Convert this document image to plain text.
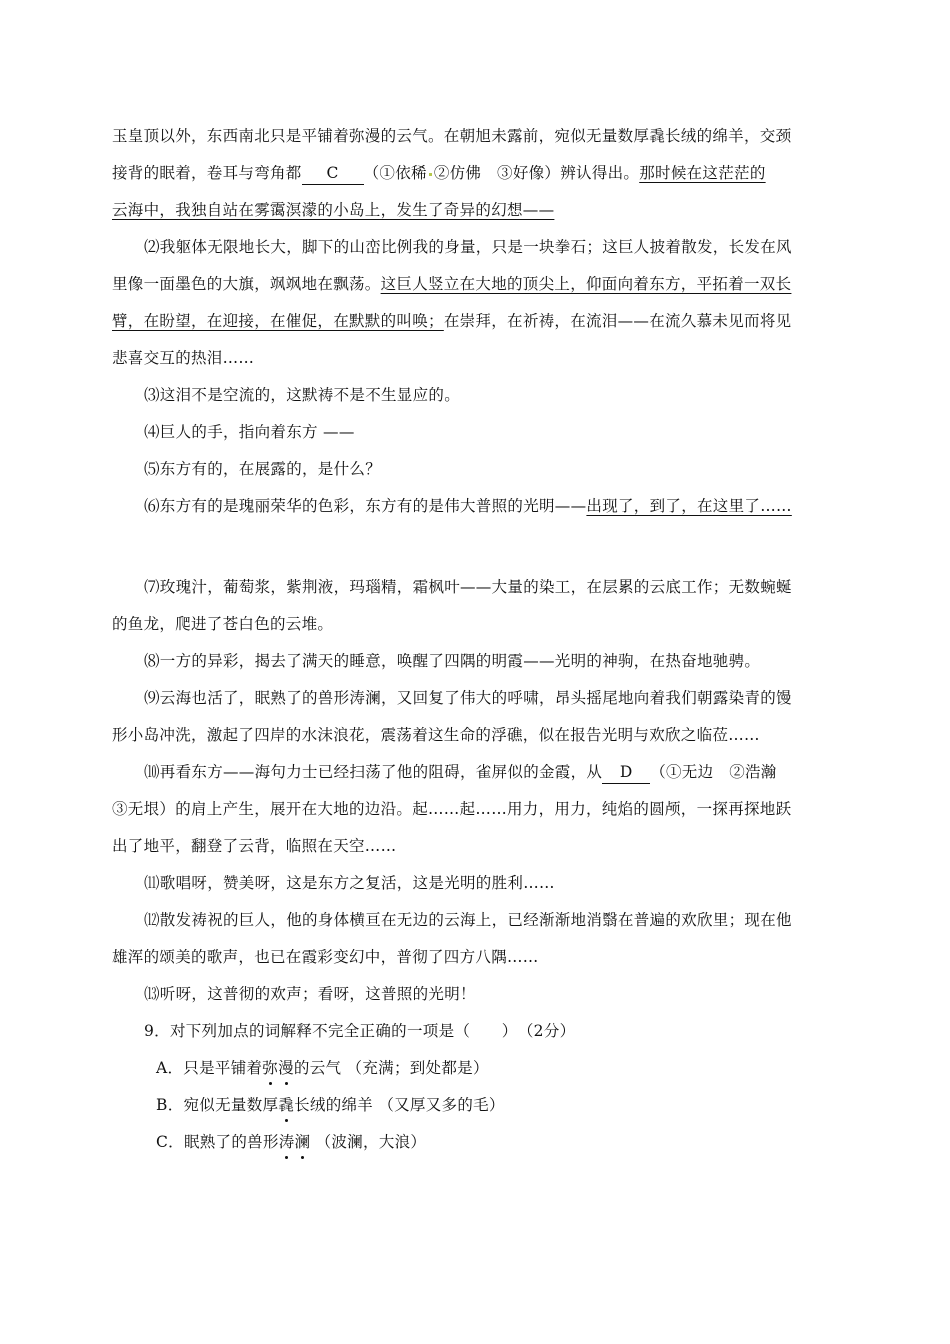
玉皇顶以外，东西南北只是平铺着弥漫的云气。在朝旭未露前，宛似无量数厚毳长绒的绵羊，交颈
接背的眠着，卷耳与弯角都 C （①依稀 ②仿佛　③好像）辨认得出。那时候在这茫茫的
云海中，我独自站在雾霭溟濛的小岛上，发生了奇异的幻想——
⑵我躯体无限地长大，脚下的山峦比例我的身量，只是一块拳石；这巨人披着散发，长发在风
里像一面墨色的大旗，飒飒地在飘荡。这巨人竖立在大地的顶尖上，仰面向着东方，平拓着一双长
臂，在盼望，在迎接，在催促，在默默的叫唤；在崇拜，在祈祷，在流泪——在流久慕未见而将见
悲喜交互的热泪……
⑶这泪不是空流的，这默祷不是不生显应的。
⑷巨人的手，指向着东方 ——
⑸东方有的，在展露的，是什么？
⑹东方有的是瑰丽荣华的色彩，东方有的是伟大普照的光明——出现了，到了，在这里了……
⑺玫瑰汁，葡萄浆，紫荆液，玛瑙精，霜枫叶——大量的染工，在层累的云底工作；无数蜿蜒
的鱼龙，爬进了苍白色的云堆。
⑻一方的异彩，揭去了满天的睡意，唤醒了四隅的明霞——光明的神驹，在热奋地驰骋。
⑼云海也活了，眠熟了的兽形涛澜，又回复了伟大的呼啸，昂头摇尾地向着我们朝露染青的馒
形小岛冲洗，激起了四岸的水沫浪花，震荡着这生命的浮礁，似在报告光明与欢欣之临莅……
⑽再看东方——海句力士已经扫荡了他的阻碍，雀屏似的金霞，从 D （①无边　②浩瀚
③无垠）的肩上产生，展开在大地的边沿。起……起……用力，用力，纯焰的圆颅，一探再探地跃
出了地平，翻登了云背，临照在天空……
⑾歌唱呀，赞美呀，这是东方之复活，这是光明的胜利……
⑿散发祷祝的巨人，他的身体横亘在无边的云海上，已经渐渐地消翳在普遍的欢欣里；现在他
雄浑的颂美的歌声，也已在霞彩变幻中，普彻了四方八隅……
⒀听呀，这普彻的欢声；看呀，这普照的光明！
9．对下列加点的词解释不完全正确的一项是（　　）　（2分）
A．只是平铺着弥漫的云气 （充满；到处都是）
B．宛似无量数厚毳长绒的绵羊 （又厚又多的毛）
C．眠熟了的兽形涛澜 （波澜，大浪）
